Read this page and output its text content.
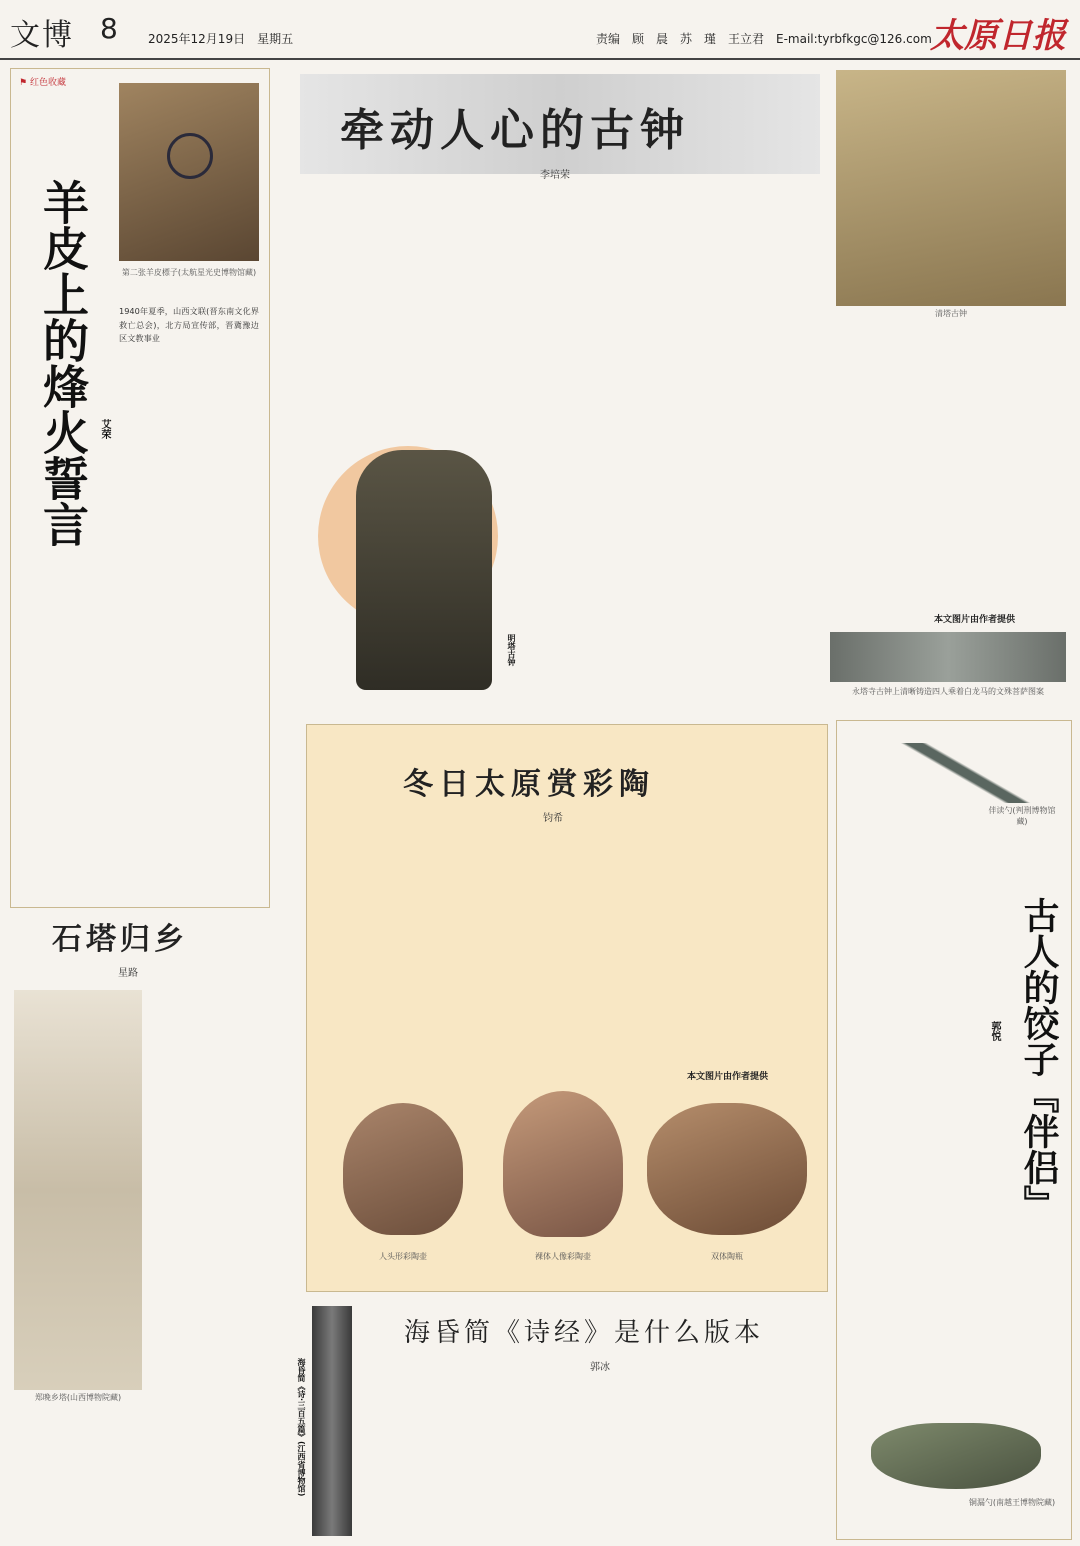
文博 8	2025年12月19日　星期五	责编　顾　晨　苏　瑾　王立君　E-mail:tyrbfkgc@126.com
太原日报
⚑ 红色收藏
第二张羊皮標子(太航星光史博物馆藏)
羊皮上的烽火誓言 艾荣
1940年夏季，山西文联(晋东南文化界救亡总会)，北方局宣传部，晋冀豫边区文教事业
牵动人心的古钟
李培荣
清塔古钟
明塔古钟
本文图片由作者提供
永塔寺古钟上清晰铸造四人乘着白龙马的文殊菩萨图案
冬日太原赏彩陶
钧希
本文图片由作者提供
人头形彩陶壶	裸体人像彩陶壶	双体陶瓶
石塔归乡
星路
郑晚乡塔(山西博物院藏)	海昏简《诗·三百五篇》(江西省博物馆)
海昏简《诗经》是什么版本
郭冰
伴读勺(判刑博物馆藏)
古人的饺子『伴侣』
郭悦
铜漏勺(南越王博物院藏)
